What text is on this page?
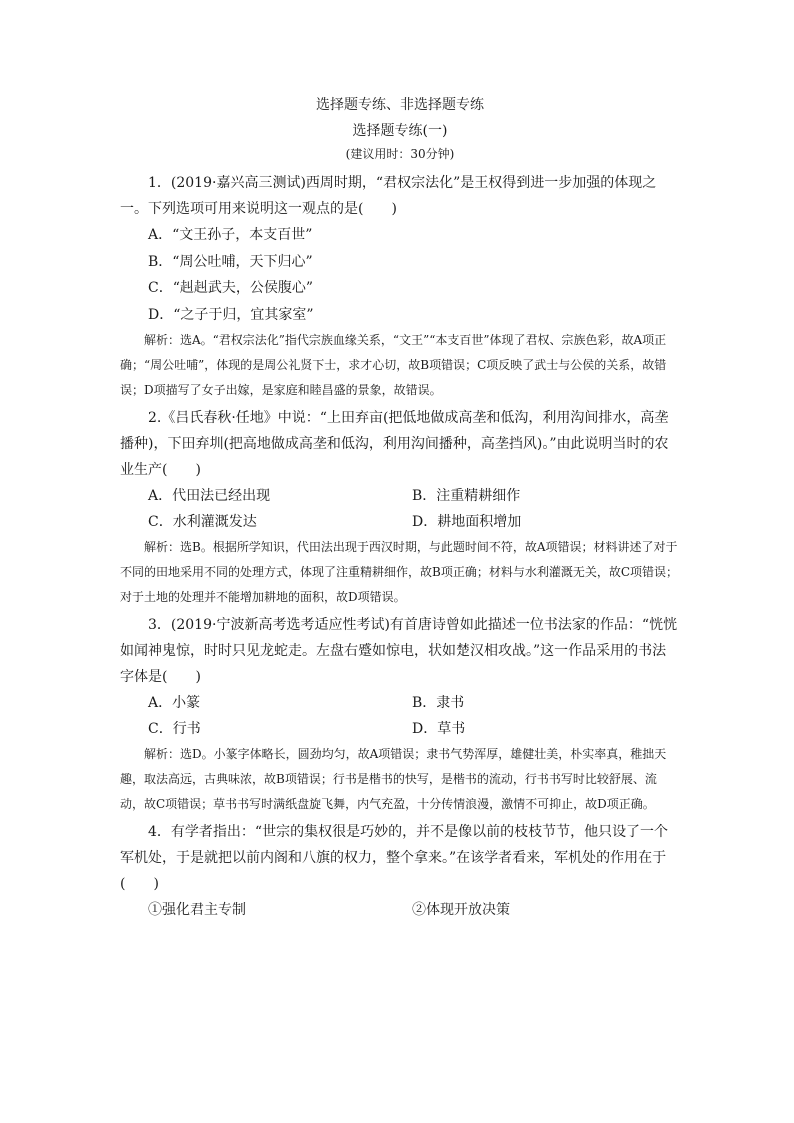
选择题专练、非选择题专练

选择题专练(一)

(建议用时：30分钟)

1．(2019·嘉兴高三测试)西周时期，“君权宗法化”是王权得到进一步加强的体现之一。下列选项可用来说明这一观点的是(　　)

A．“文王孙子，本支百世”

B．“周公吐哺，天下归心”

C．“赳赳武夫，公侯腹心”

D．“之子于归，宜其家室”

解析：选A。“君权宗法化”指代宗族血缘关系，“文王”“本支百世”体现了君权、宗族色彩，故A项正确；“周公吐哺”，体现的是周公礼贤下士，求才心切，故B项错误；C项反映了武士与公侯的关系，故错误；D项描写了女子出嫁，是家庭和睦昌盛的景象，故错误。

2.《吕氏春秋·任地》中说：“上田弃亩(把低地做成高垄和低沟，利用沟间排水，高垄播种)，下田弃圳(把高地做成高垄和低沟，利用沟间播种，高垄挡风)。”由此说明当时的农业生产(　　)

A．代田法已经出现	B．注重精耕细作
C．水利灌溉发达	D．耕地面积增加

解析：选B。根据所学知识，代田法出现于西汉时期，与此题时间不符，故A项错误；材料讲述了对于不同的田地采用不同的处理方式，体现了注重精耕细作，故B项正确；材料与水利灌溉无关，故C项错误；对于土地的处理并不能增加耕地的面积，故D项错误。

3．(2019·宁波新高考选考适应性考试)有首唐诗曾如此描述一位书法家的作品：“恍恍如闻神鬼惊，时时只见龙蛇走。左盘右蹙如惊电，状如楚汉相攻战。”这一作品采用的书法字体是(　　)

A．小篆	B．隶书
C．行书	D．草书

解析：选D。小篆字体略长，圆劲均匀，故A项错误；隶书气势浑厚，雄健壮美，朴实率真，稚拙天趣，取法高远，古典味浓，故B项错误；行书是楷书的快写，是楷书的流动，行书书写时比较舒展、流动，故C项错误；草书书写时满纸盘旋飞舞，内气充盈，十分传情浪漫，激情不可抑止，故D项正确。

4．有学者指出：“世宗的集权很是巧妙的，并不是像以前的枝枝节节，他只设了一个军机处，于是就把以前内阁和八旗的权力，整个拿来。”在该学者看来，军机处的作用在于(　　)

①强化君主专制	②体现开放决策
